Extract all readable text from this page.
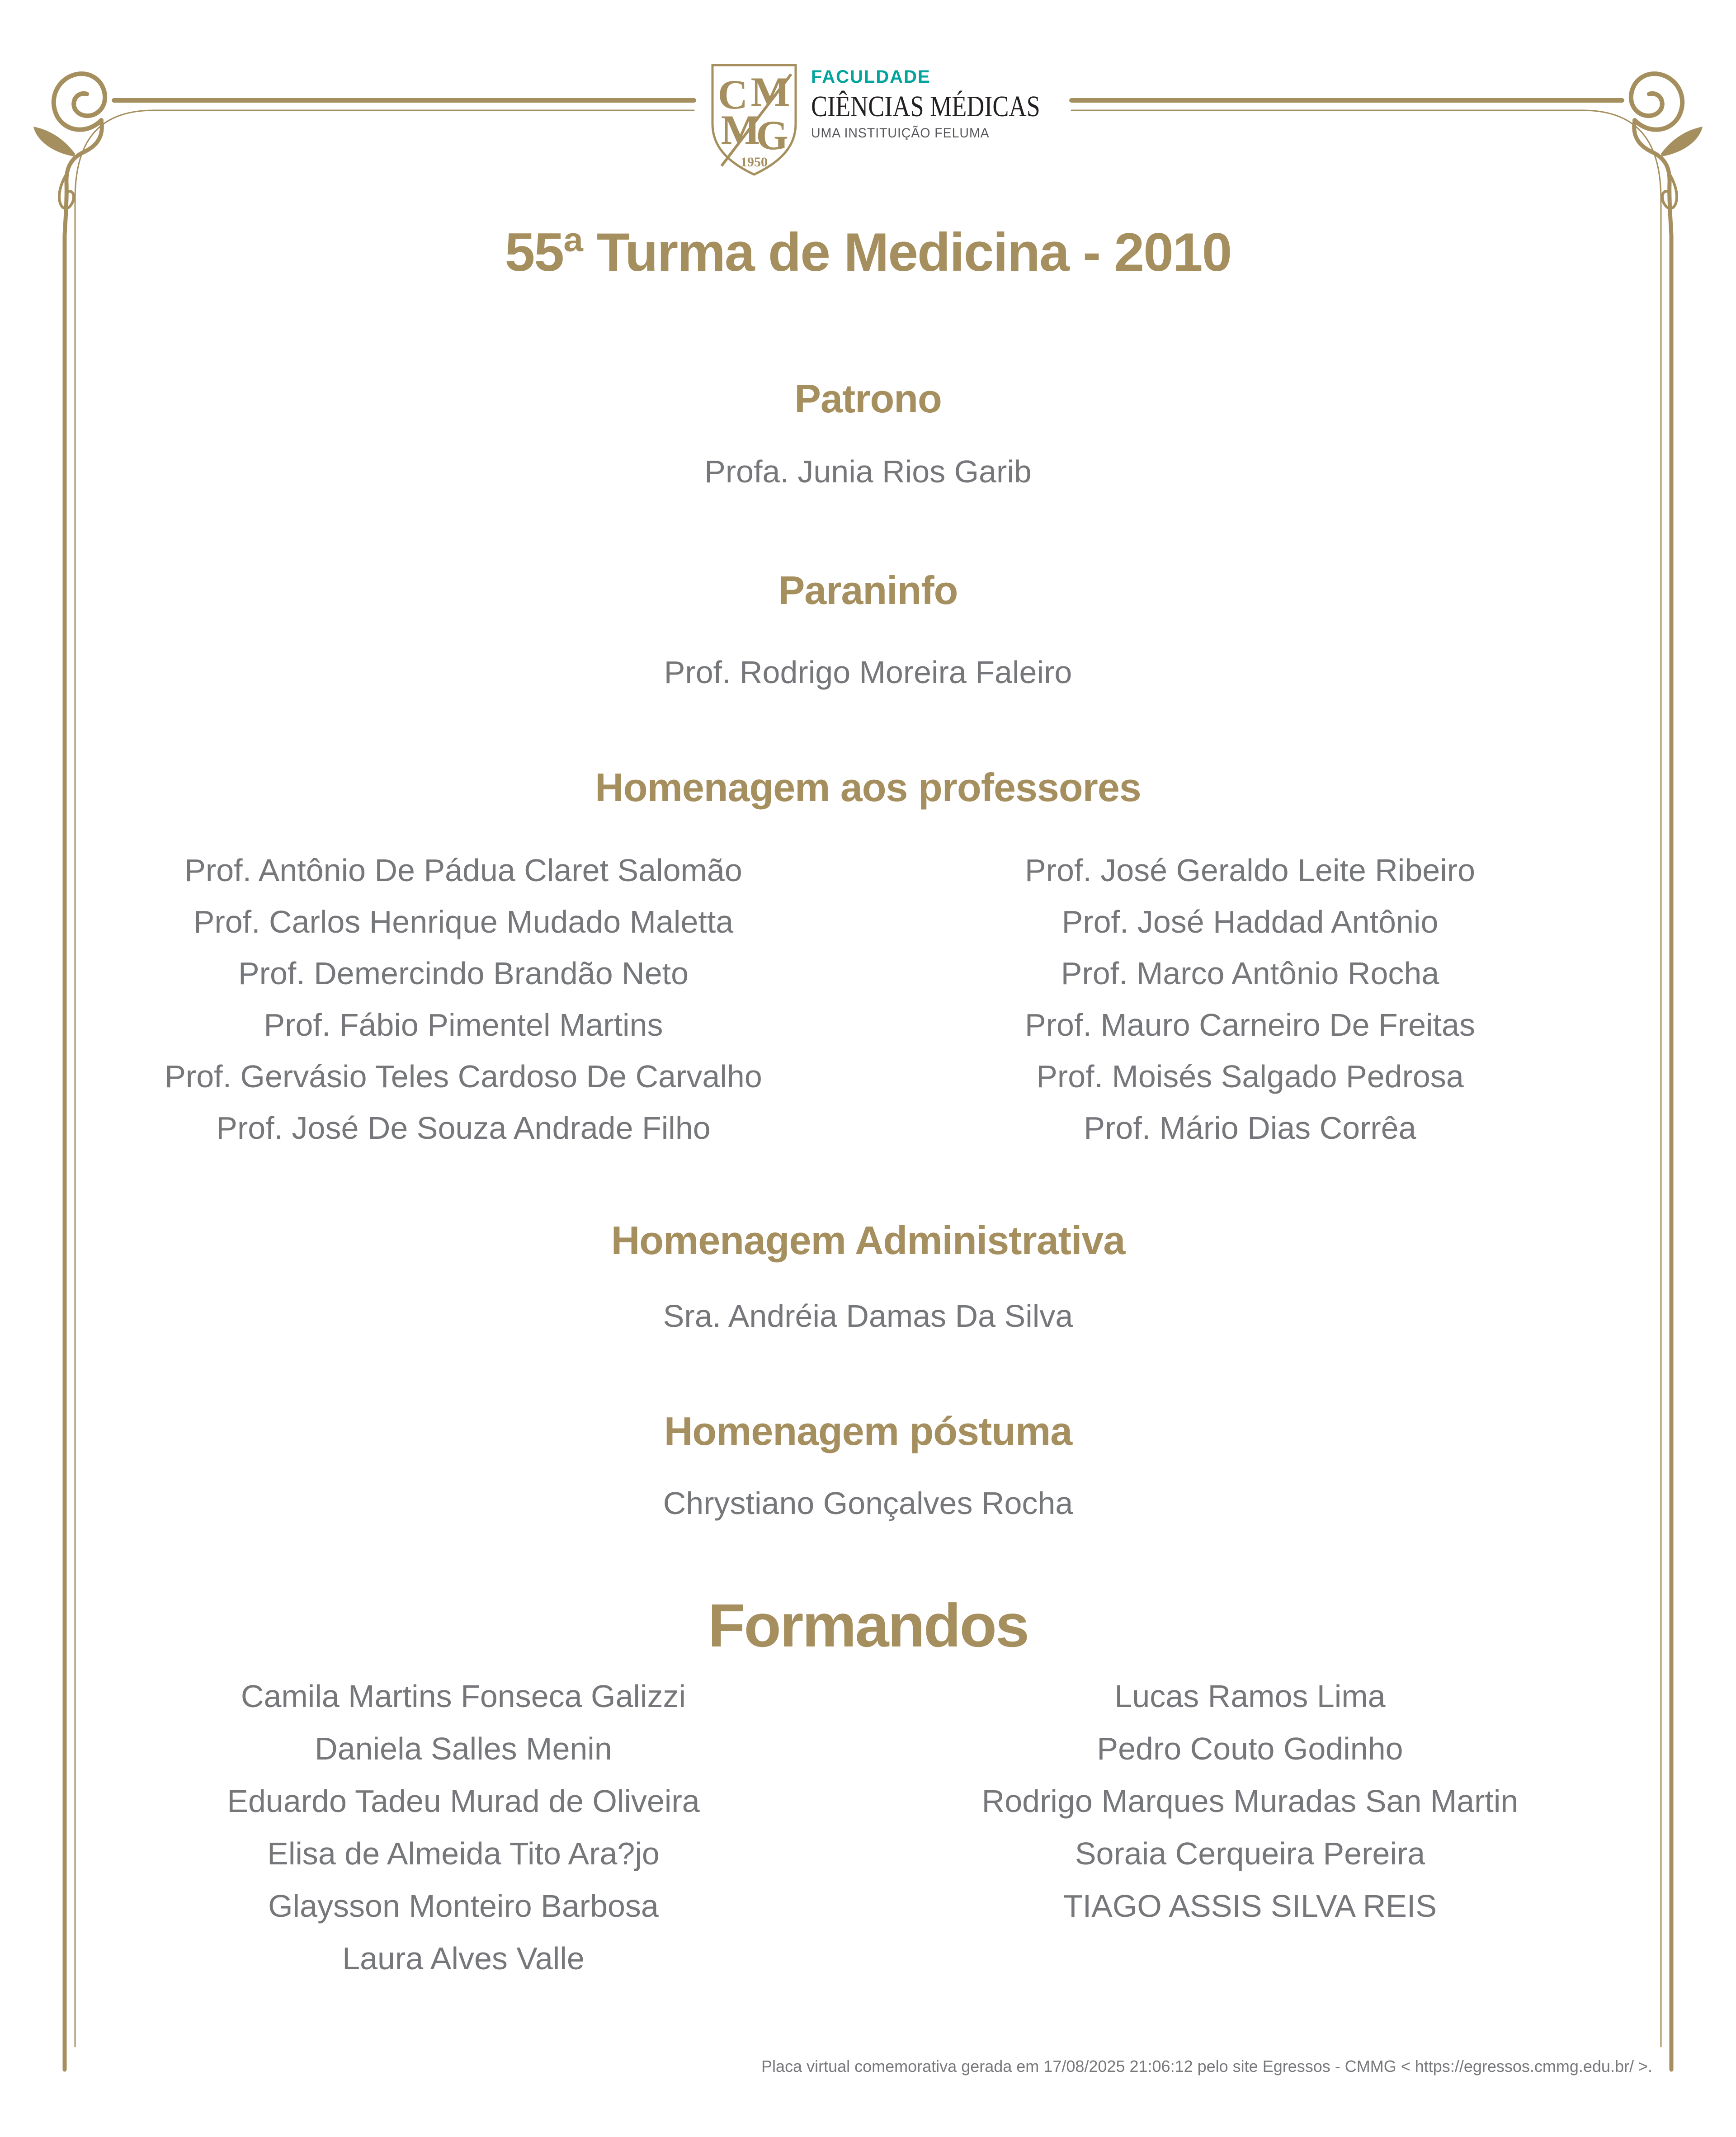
C M
M
G
1950
FACULDADE
CIÊNCIAS MÉDICAS
UMA INSTITUIÇÃO FELUMA
55ª Turma de Medicina - 2010
Patrono

Profa. Junia Rios Garib

Paraninfo

Prof. Rodrigo Moreira Faleiro

Homenagem aos professores
Prof. Antônio De Pádua Claret Salomão
Prof. Carlos Henrique Mudado Maletta
Prof. Demercindo Brandão Neto
Prof. Fábio Pimentel Martins
Prof. Gervásio Teles Cardoso De Carvalho
Prof. José De Souza Andrade Filho
Prof. José Geraldo Leite Ribeiro
Prof. José Haddad Antônio
Prof. Marco Antônio Rocha
Prof. Mauro Carneiro De Freitas
Prof. Moisés Salgado Pedrosa
Prof. Mário Dias Corrêa
Homenagem Administrativa

Sra. Andréia Damas Da Silva

Homenagem póstuma

Chrystiano Gonçalves Rocha

Formandos
Camila Martins Fonseca Galizzi
Daniela Salles Menin
Eduardo Tadeu Murad de Oliveira
Elisa de Almeida Tito Ara?jo
Glaysson Monteiro Barbosa
Laura Alves Valle
Lucas Ramos Lima
Pedro Couto Godinho
Rodrigo Marques Muradas San Martin
Soraia Cerqueira Pereira
TIAGO ASSIS SILVA REIS

Placa virtual comemorativa gerada em 17/08/2025 21:06:12 pelo site Egressos - CMMG < https://egressos.cmmg.edu.br/ >.
